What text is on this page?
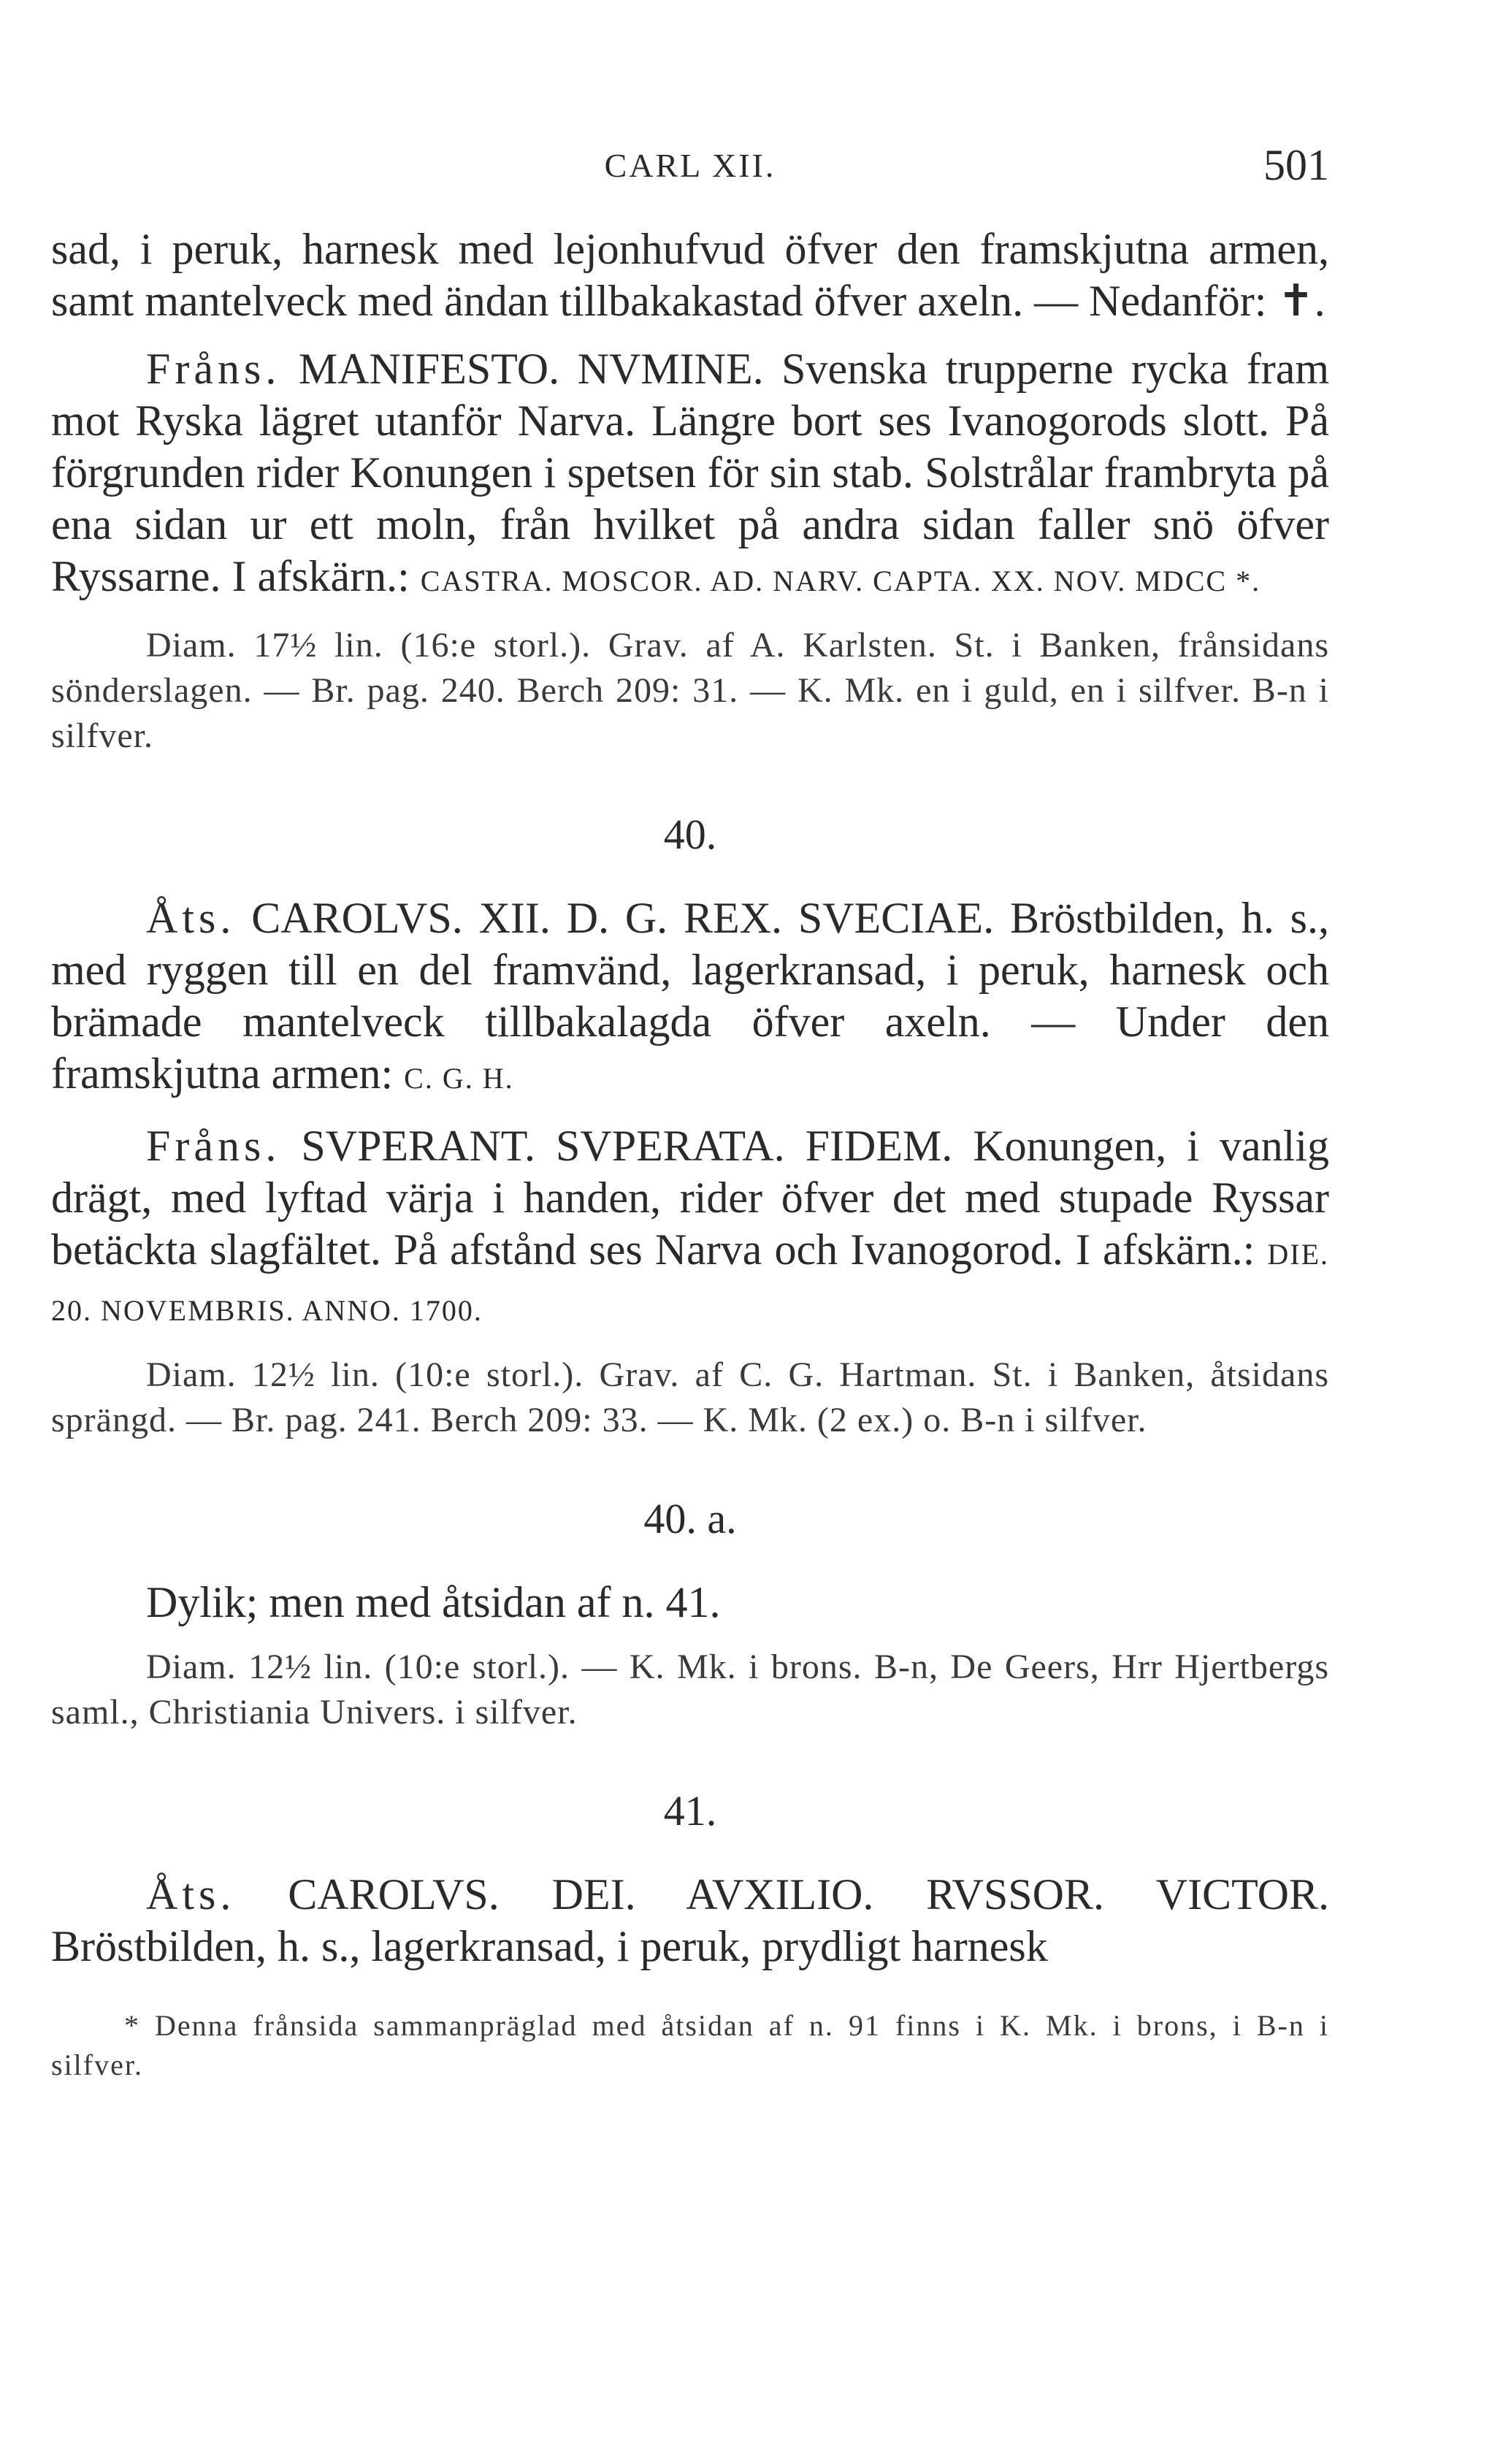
CARL XII.	501

sad, i peruk, harnesk med lejonhufvud öfver den framskjutna armen, samt mantelveck med ändan tillbakakastad öfver axeln. — Nedanför: ✝.

Fråns. MANIFESTO. NVMINE. Svenska trupperne rycka fram mot Ryska lägret utanför Narva. Längre bort ses Ivanogorods slott. På förgrunden rider Konungen i spetsen för sin stab. Solstrålar frambryta på ena sidan ur ett moln, från hvilket på andra sidan faller snö öfver Ryssarne. I afskärn.: CASTRA. MOSCOR. AD. NARV. CAPTA. XX. NOV. MDCC *.

Diam. 17½ lin. (16:e storl.). Grav. af A. Karlsten. St. i Banken, frånsidans sönderslagen. — Br. pag. 240. Berch 209: 31. — K. Mk. en i guld, en i silfver. B-n i silfver.

40.

Åts. CAROLVS. XII. D. G. REX. SVECIAE. Bröstbilden, h. s., med ryggen till en del framvänd, lagerkransad, i peruk, harnesk och brämade mantelveck tillbakalagda öfver axeln. — Under den framskjutna armen: C. G. H.

Fråns. SVPERANT. SVPERATA. FIDEM. Konungen, i vanlig drägt, med lyftad värja i handen, rider öfver det med stupade Ryssar betäckta slagfältet. På afstånd ses Narva och Ivanogorod. I afskärn.: DIE. 20. NOVEMBRIS. ANNO. 1700.

Diam. 12½ lin. (10:e storl.). Grav. af C. G. Hartman. St. i Banken, åtsidans sprängd. — Br. pag. 241. Berch 209: 33. — K. Mk. (2 ex.) o. B-n i silfver.

40. a.

Dylik; men med åtsidan af n. 41.

Diam. 12½ lin. (10:e storl.). — K. Mk. i brons. B-n, De Geers, Hrr Hjertbergs saml., Christiania Univers. i silfver.

41.

Åts. CAROLVS. DEI. AVXILIO. RVSSOR. VICTOR. Bröstbilden, h. s., lagerkransad, i peruk, prydligt harnesk

* Denna frånsida sammanpräglad med åtsidan af n. 91 finns i K. Mk. i brons, i B-n i silfver.
